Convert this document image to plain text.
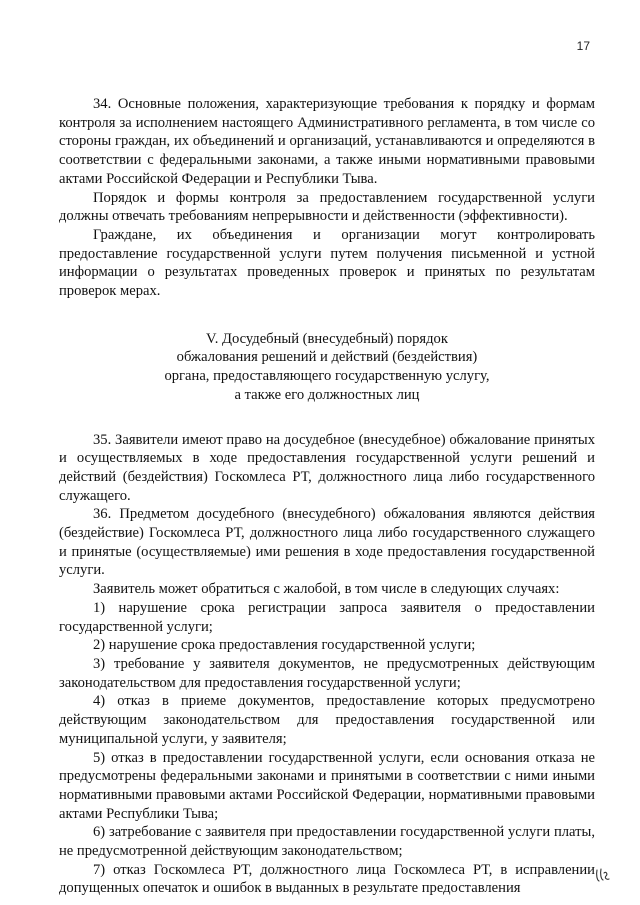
17

34. Основные положения, характеризующие требования к порядку и формам контроля за исполнением настоящего Административного регламента, в том числе со стороны граждан, их объединений и организаций, устанавливаются и определяются в соответствии с федеральными законами, а также иными нормативными правовыми актами Российской Федерации и Республики Тыва.

Порядок и формы контроля за предоставлением государственной услуги должны отвечать требованиям непрерывности и действенности (эффективности).

Граждане, их объединения и организации могут контролировать предоставление государственной услуги путем получения письменной и устной информации о результатах проведенных проверок и принятых по результатам проверок мерах.

V. Досудебный (внесудебный) порядок
обжалования решений и действий (бездействия)
органа, предоставляющего государственную услугу,
а также его должностных лиц

35. Заявители имеют право на досудебное (внесудебное) обжалование принятых и осуществляемых в ходе предоставления государственной услуги решений и действий (бездействия) Госкомлеса РТ, должностного лица либо государственного служащего.

36. Предметом досудебного (внесудебного) обжалования являются действия (бездействие) Госкомлеса РТ, должностного лица либо государственного служащего и принятые (осуществляемые) ими решения в ходе предоставления государственной услуги.

Заявитель может обратиться с жалобой, в том числе в следующих случаях:

1) нарушение срока регистрации запроса заявителя о предоставлении государственной услуги;

2) нарушение срока предоставления государственной услуги;

3) требование у заявителя документов, не предусмотренных действующим законодательством для предоставления государственной услуги;

4) отказ в приеме документов, предоставление которых предусмотрено действующим законодательством для предоставления государственной или муниципальной услуги, у заявителя;

5) отказ в предоставлении государственной услуги, если основания отказа не предусмотрены федеральными законами и принятыми в соответствии с ними иными нормативными правовыми актами Российской Федерации, нормативными правовыми актами Республики Тыва;

6) затребование с заявителя при предоставлении государственной услуги платы, не предусмотренной действующим законодательством;

7) отказ Госкомлеса РТ, должностного лица Госкомлеса РТ, в исправлении допущенных опечаток и ошибок в выданных в результате предоставления
